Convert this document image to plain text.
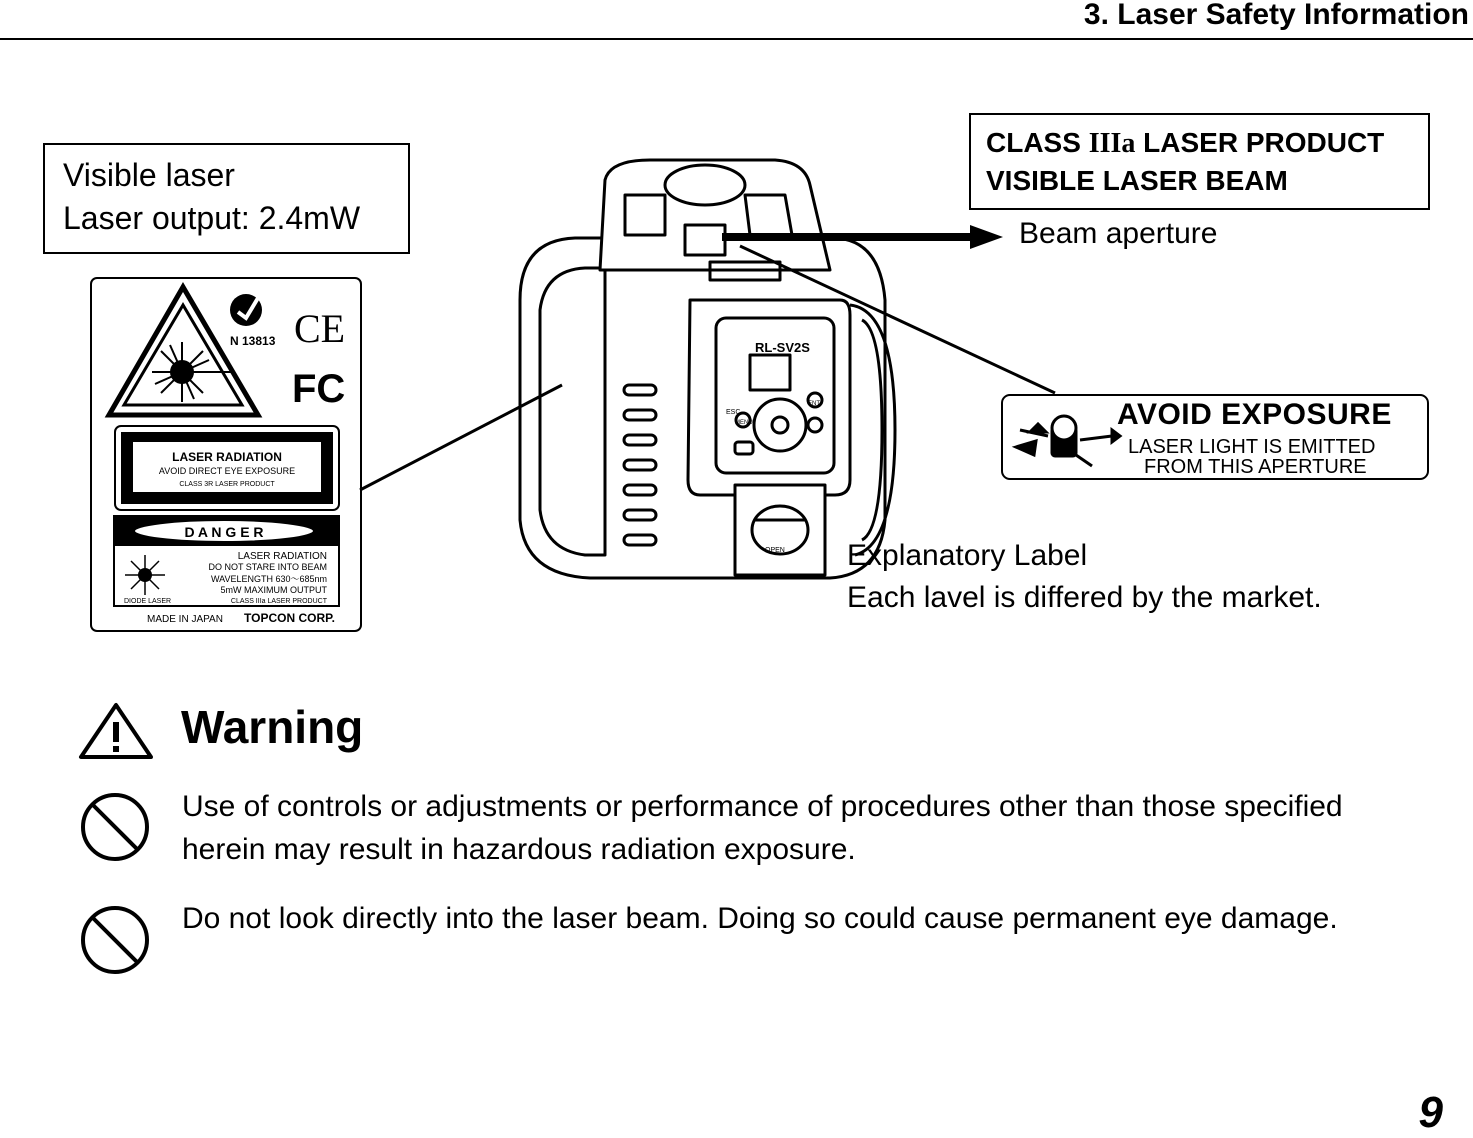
3. Laser Safety Information
Visible laser
Laser output: 2.4mW
CLASS IIIa LASER PRODUCT
VISIBLE LASER BEAM
RL-SV2S
ESC
MENU
ENT
OPEN
Beam aperture
Explanatory Label
Each lavel is differed by the market.
AVOID EXPOSURE
LASER LIGHT IS EMITTED
FROM THIS APERTURE
CE
FC
N 13813
LASER RADIATION
AVOID DIRECT EYE EXPOSURE
CLASS 3R LASER PRODUCT
D A N G E R
LASER RADIATION
DO NOT STARE INTO BEAM
WAVELENGTH 630～685nm
5mW MAXIMUM OUTPUT
CLASS IIIa LASER PRODUCT
DIODE LASER
MADE IN JAPAN TOPCON CORP.
Warning
Use of controls or adjustments or performance of procedures other than those specified herein may result in hazardous radiation exposure.
Do not look directly into the laser beam. Doing so could cause permanent eye damage.
9
